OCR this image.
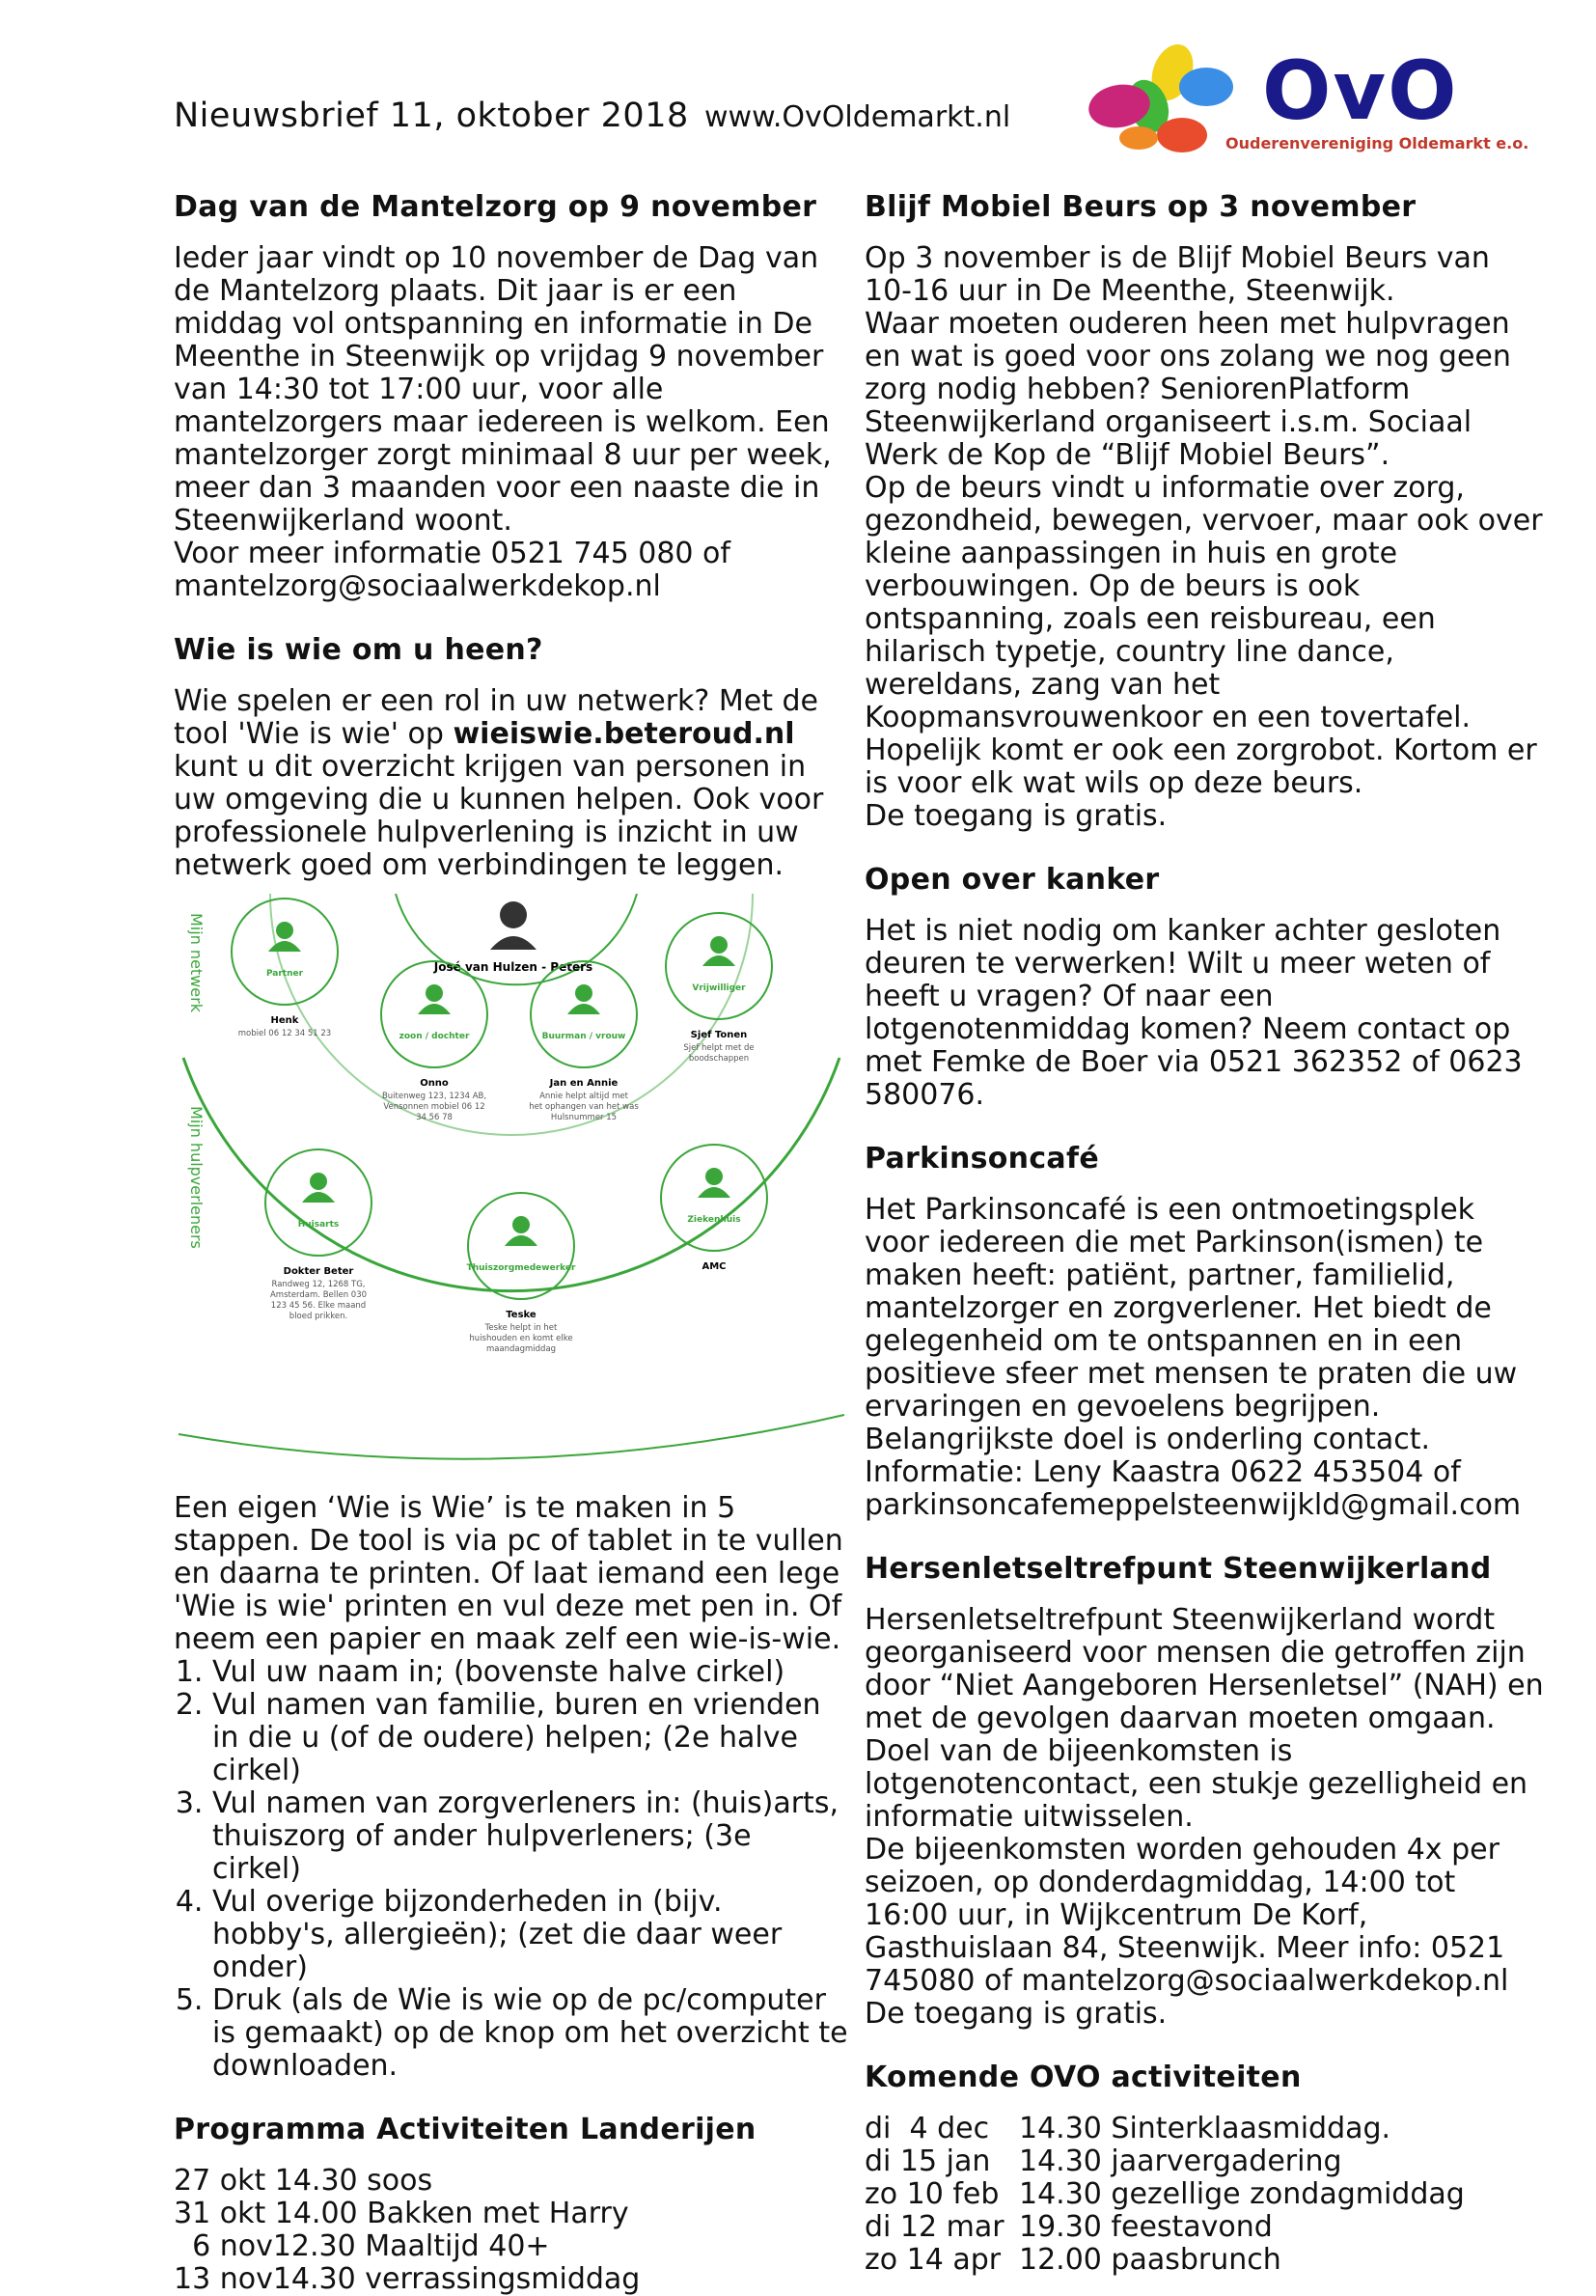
Nieuwsbrief 11, oktober 2018 www.OvOldemarkt.nl	OvO
Ouderenvereniging Oldemarkt e.o.
Dag van de Mantelzorg op 9 november

Ieder jaar vindt op 10 november de Dag van de Mantelzorg plaats. Dit jaar is er een middag vol ontspanning en informatie in De Meenthe in Steenwijk op vrijdag 9 november van 14:30 tot 17:00 uur, voor alle mantelzorgers maar iedereen is welkom. Een mantelzorger zorgt minimaal 8 uur per week, meer dan 3 maanden voor een naaste die in Steenwijkerland woont.

Voor meer informatie 0521 745 080 of mantelzorg@sociaalwerkdekop.nl

Wie is wie om u heen?

Wie spelen er een rol in uw netwerk? Met de tool 'Wie is wie' op wieiswie.beteroud.nl kunt u dit overzicht krijgen van personen in uw omgeving die u kunnen helpen. Ook voor professionele hulpverlening is inzicht in uw netwerk goed om verbindingen te leggen.

Mijn netwerk
Mijn hulpverleners
José van Hulzen - Peters
Partner
Henk
mobiel 06 12 34 51 23	zoon / dochter
Onno
Buitenweg 123, 1234 AB,
Vensonnen mobiel 06 12
34 56 78
Buurman / vrouw
Jan en Annie
Annie helpt altijd met
het ophangen van het was
Hulsnummer 15
Vrijwilliger
Sjef Tonen
Sjef helpt met de
boodschappen
Huisarts
Dokter Beter
Randweg 12, 1268 TG,
Amsterdam. Bellen 030
123 45 56. Elke maand
bloed prikken.
Thuiszorgmedewerker
Teske
Teske helpt in het
huishouden en komt elke
maandagmiddag
Ziekenhuis
AMC

Een eigen ‘Wie is Wie’ is te maken in 5 stappen. De tool is via pc of tablet in te vullen en daarna te printen. Of laat iemand een lege 'Wie is wie' printen en vul deze met pen in. Of neem een papier en maak zelf een wie-is-wie.

1. Vul uw naam in; (bovenste halve cirkel)
2. Vul namen van familie, buren en vrienden in die u (of de oudere) helpen; (2e halve cirkel)
3. Vul namen van zorgverleners in: (huis)arts, thuiszorg of ander hulpverleners; (3e cirkel)
4. Vul overige bijzonderheden in (bijv. hobby's, allergieën); (zet die daar weer onder)
5. Druk (als de Wie is wie op de pc/computer is gemaakt) op de knop om het overzicht te downloaden.
Programma Activiteiten Landerijen
27 okt 14.30 soos
31 okt 14.00 Bakken met Harry
6 nov12.30 Maaltijd 40+
13 nov14.30 verrassingsmiddag
Blijf Mobiel Beurs op 3 november

Op 3 november is de Blijf Mobiel Beurs van 10-16 uur in De Meenthe, Steenwijk.

Waar moeten ouderen heen met hulpvragen en wat is goed voor ons zolang we nog geen zorg nodig hebben? SeniorenPlatform Steenwijkerland organiseert i.s.m. Sociaal Werk de Kop de “Blijf Mobiel Beurs”.

Op de beurs vindt u informatie over zorg, gezondheid, bewegen, vervoer, maar ook over kleine aanpassingen in huis en grote verbouwingen. Op de beurs is ook ontspanning, zoals een reisbureau, een hilarisch typetje, country line dance, wereldans, zang van het Koopmansvrouwenkoor en een tovertafel. Hopelijk komt er ook een zorgrobot. Kortom er is voor elk wat wils op deze beurs.

De toegang is gratis.

Open over kanker

Het is niet nodig om kanker achter gesloten deuren te verwerken! Wilt u meer weten of heeft u vragen? Of naar een lotgenotenmiddag komen? Neem contact op met Femke de Boer via 0521 362352 of 0623 580076.

Parkinsoncafé

Het Parkinsoncafé is een ontmoetingsplek voor iedereen die met Parkinson(ismen) te maken heeft: patiënt, partner, familielid, mantelzorger en zorgverlener. Het biedt de gelegenheid om te ontspannen en in een positieve sfeer met mensen te praten die uw ervaringen en gevoelens begrijpen. Belangrijkste doel is onderling contact. Informatie: Leny Kaastra 0622 453504 of parkinsoncafemeppelsteenwijkld@gmail.com

Hersenletseltrefpunt Steenwijkerland

Hersenletseltrefpunt Steenwijkerland wordt georganiseerd voor mensen die getroffen zijn door “Niet Aangeboren Hersenletsel” (NAH) en met de gevolgen daarvan moeten omgaan. Doel van de bijeenkomsten is lotgenotencontact, een stukje gezelligheid en informatie uitwisselen.

De bijeenkomsten worden gehouden 4x per seizoen, op donderdagmiddag, 14:00 tot 16:00 uur, in Wijkcentrum De Korf, Gasthuislaan 84, Steenwijk. Meer info: 0521 745080 of mantelzorg@sociaalwerkdekop.nl

De toegang is gratis.

Komende OVO activiteiten
di  4 dec	14.30 Sinterklaasmiddag.
di 15 jan 14.30 jaarvergadering
zo 10 feb 14.30 gezellige zondagmiddag
di 12 mar 19.30 feestavond
zo 14 apr 12.00 paasbrunch
